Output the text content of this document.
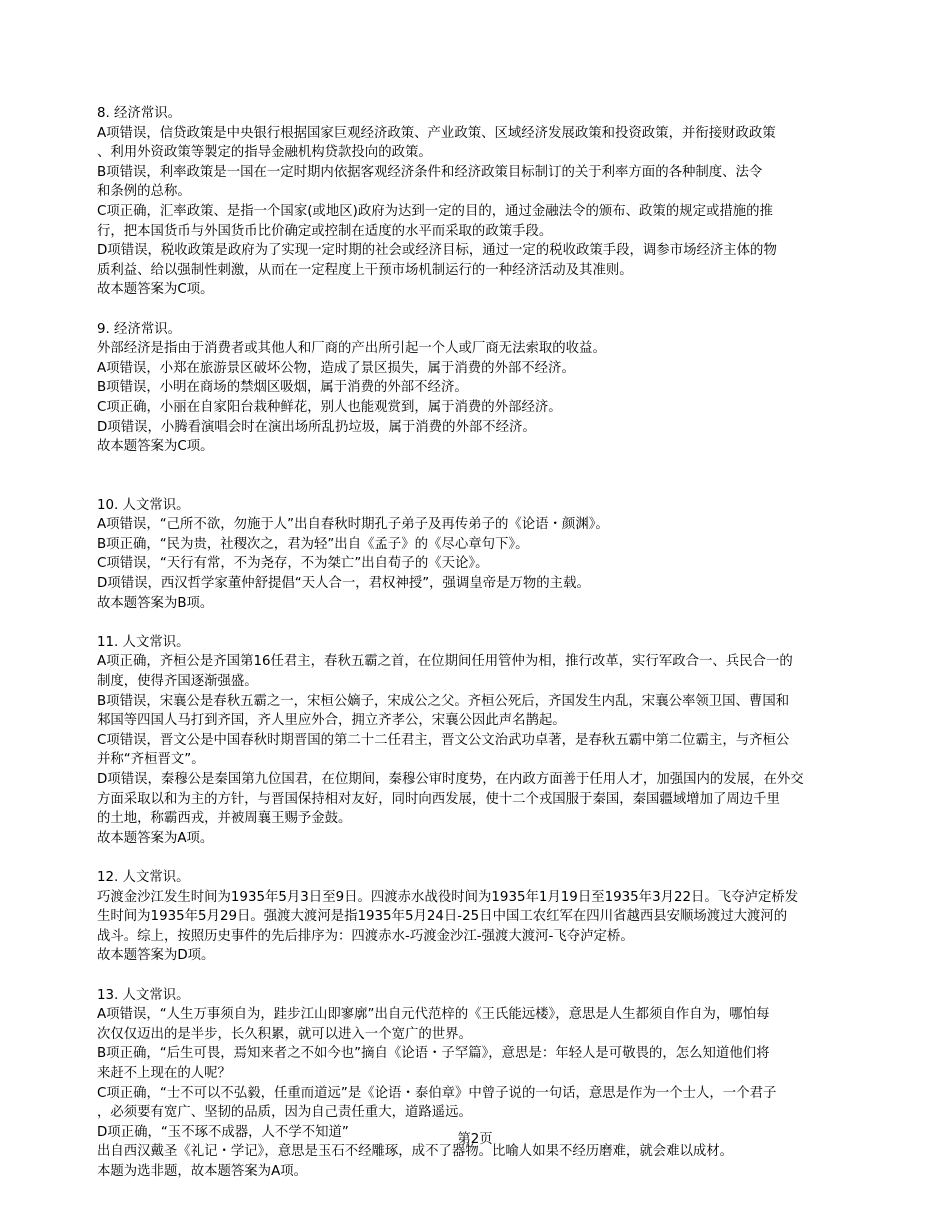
8. 经济常识。
A项错误，信贷政策是中央银行根据国家巨观经济政策、产业政策、区域经济发展政策和投资政策，并衔接财政政策
、利用外资政策等製定的指导金融机构贷款投向的政策。
B项错误，利率政策是一国在一定时期内依据客观经济条件和经济政策目标制订的关于利率方面的各种制度、法令
和条例的总称。
C项正确，汇率政策、是指一个国家(或地区)政府为达到一定的目的，通过金融法令的颁布、政策的规定或措施的推
行，把本国货币与外国货币比价确定或控制在适度的水平而采取的政策手段。
D项错误，税收政策是政府为了实现一定时期的社会或经济目标，通过一定的税收政策手段，调参市场经济主体的物
质利益、给以强制性刺激，从而在一定程度上干预市场机制运行的一种经济活动及其准则。
故本题答案为C项。
9. 经济常识。
外部经济是指由于消费者或其他人和厂商的产出所引起一个人或厂商无法索取的收益。
A项错误，小郑在旅游景区破坏公物，造成了景区损失，属于消费的外部不经济。
B项错误，小明在商场的禁烟区吸烟，属于消费的外部不经济。
C项正确，小丽在自家阳台栽种鲜花，别人也能观赏到，属于消费的外部经济。
D项错误，小腾看演唱会时在演出场所乱扔垃圾，属于消费的外部不经济。
故本题答案为C项。
10. 人文常识。
A项错误，“己所不欲，勿施于人”出自春秋时期孔子弟子及再传弟子的《论语・颜渊》。
B项正确，“民为贵，社稷次之，君为轻”出自《孟子》的《尽心章句下》。
C项错误，“天行有常，不为尧存，不为桀亡”出自荀子的《天论》。
D项错误，西汉哲学家董仲舒提倡“天人合一，君权神授”，强调皇帝是万物的主载。
故本题答案为B项。
11. 人文常识。
A项正确，齐桓公是齐国第16任君主，春秋五霸之首，在位期间任用管仲为相，推行改革，实行军政合一、兵民合一的
制度，使得齐国逐渐强盛。
B项错误，宋襄公是春秋五霸之一，宋桓公嫡子，宋成公之父。齐桓公死后，齐国发生内乱，宋襄公率领卫国、曹国和
邾国等四国人马打到齐国，齐人里应外合，拥立齐孝公，宋襄公因此声名鹊起。
C项错误，晋文公是中国春秋时期晋国的第二十二任君主，晋文公文治武功卓著，是春秋五霸中第二位霸主，与齐桓公
并称“齐桓晋文”。
D项错误，秦穆公是秦国第九位国君，在位期间，秦穆公审时度势，在内政方面善于任用人才，加强国内的发展，在外交
方面采取以和为主的方针，与晋国保持相对友好，同时向西发展，使十二个戎国服于秦国，秦国疆域增加了周边千里
的土地，称霸西戎，并被周襄王赐予金鼓。
故本题答案为A项。
12. 人文常识。
巧渡金沙江发生时间为1935年5月3日至9日。四渡赤水战役时间为1935年1月19日至1935年3月22日。飞夺泸定桥发
生时间为1935年5月29日。强渡大渡河是指1935年5月24日-25日中国工农红军在四川省越西县安顺场渡过大渡河的
战斗。综上，按照历史事件的先后排序为：四渡赤水-巧渡金沙江-强渡大渡河-飞夺泸定桥。
故本题答案为D项。
13. 人文常识。
A项错误，“人生万事须自为，跬步江山即寥廓”出自元代范梓的《王氏能远楼》，意思是人生都须自作自为，哪怕每
次仅仅迈出的是半步，长久积累，就可以进入一个宽广的世界。
B项正确，“后生可畏，焉知来者之不如今也”摘自《论语・子罕篇》，意思是：年轻人是可敬畏的，怎么知道他们将
来赶不上现在的人呢？
C项正确，“士不可以不弘毅，任重而道远”是《论语・泰伯章》中曾子说的一句话，意思是作为一个士人，一个君子
，必须要有宽广、坚韧的品质，因为自己责任重大，道路遥远。
D项正确，“玉不琢不成器，人不学不知道”
出自西汉戴圣《礼记・学记》，意思是玉石不经雕琢，成不了器物。比喻人如果不经历磨难，就会难以成材。
本题为选非题，故本题答案为A项。
第2页
